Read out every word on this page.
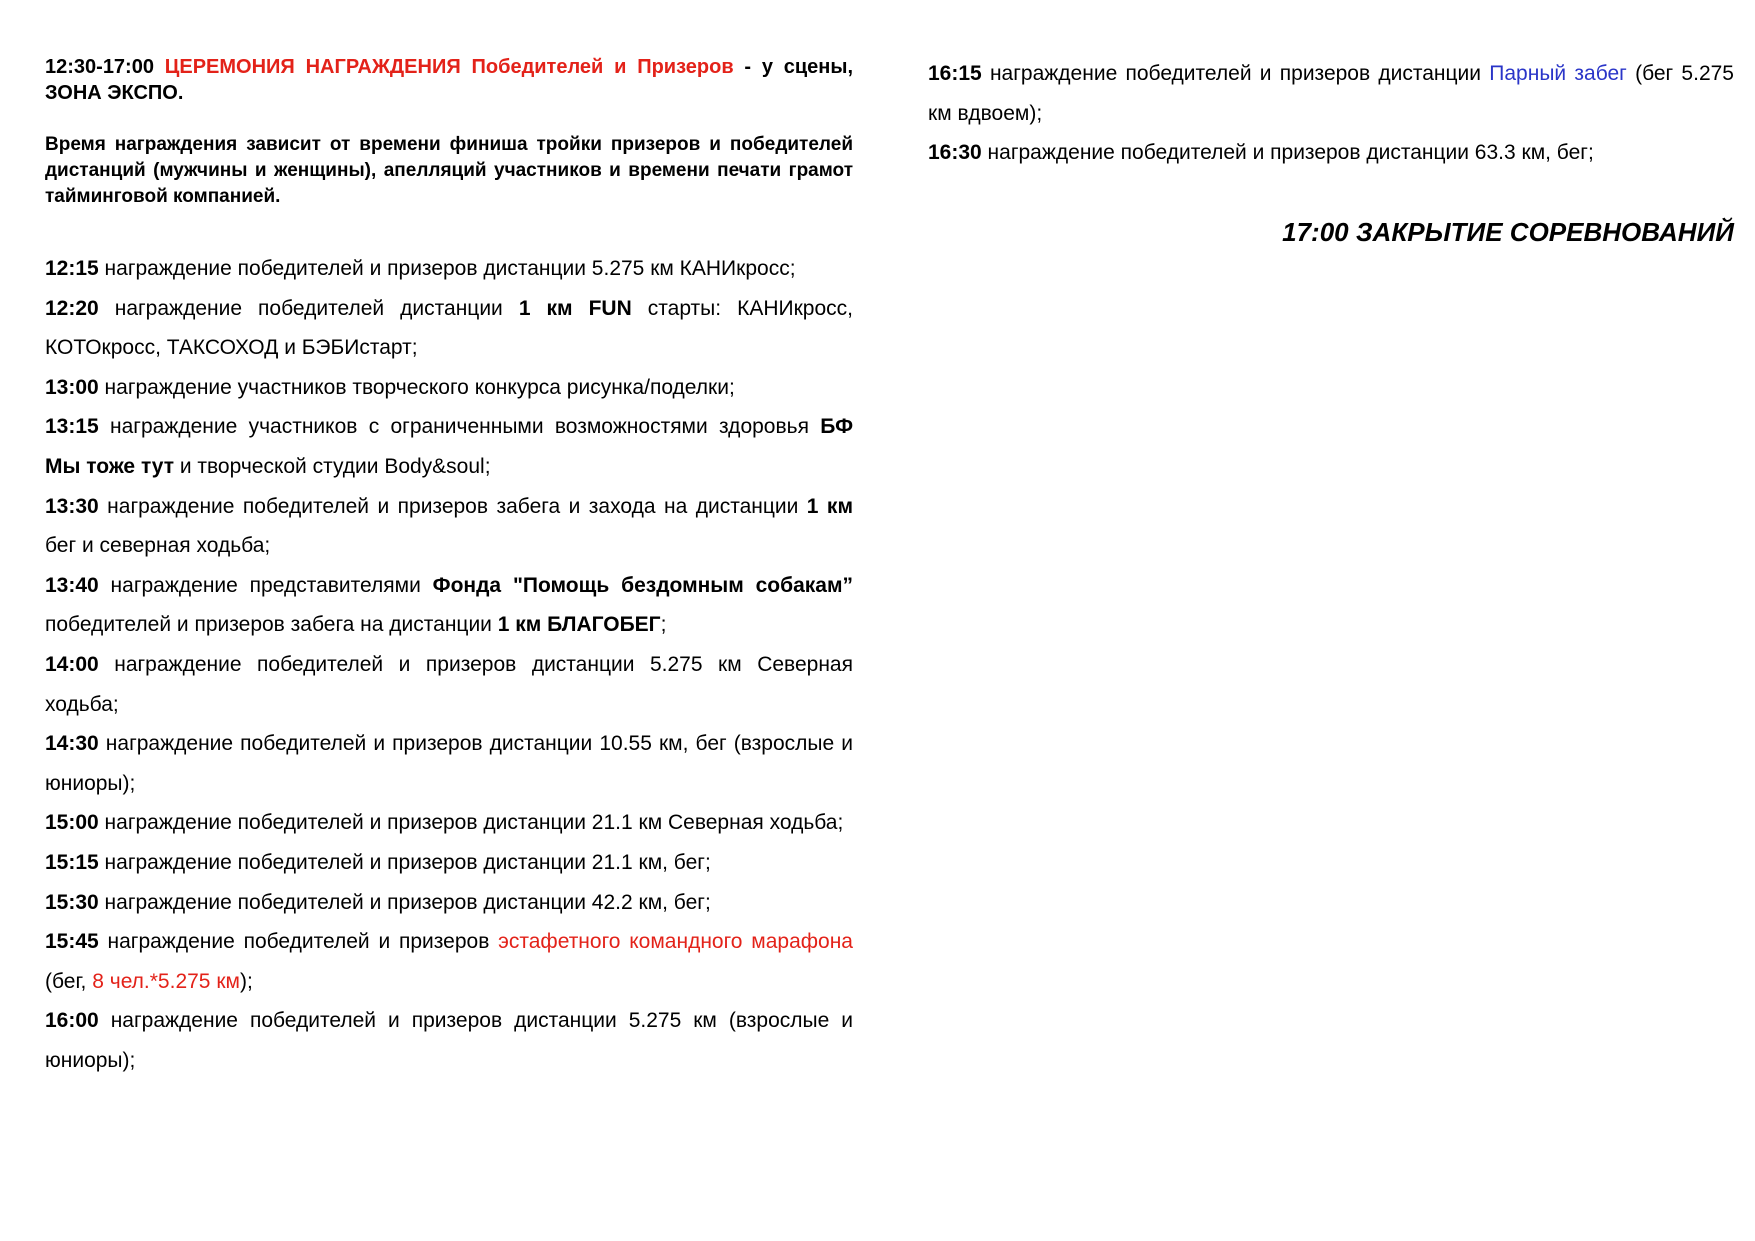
12:30-17:00 ЦЕРЕМОНИЯ НАГРАЖДЕНИЯ Победителей и Призеров - у сцены, ЗОНА ЭКСПО.

Время награждения зависит от времени финиша тройки призеров и победителей дистанций (мужчины и женщины), апелляций участников и времени печати грамот тайминговой компанией.

12:15 награждение победителей и призеров дистанции 5.275 км КАНИкросс;

12:20 награждение победителей дистанции 1 км FUN старты: КАНИкросс, КОТОкросс, ТАКСОХОД и БЭБИстарт;

13:00 награждение участников творческого конкурса рисунка/поделки;

13:15 награждение участников с ограниченными возможностями здоровья БФ Мы тоже тут и творческой студии Body&soul;

13:30 награждение победителей и призеров забега и захода на дистанции 1 км бег и северная ходьба;

13:40 награждение представителями Фонда "Помощь бездомным собакам” победителей и призеров забега на дистанции 1 км БЛАГОБЕГ;

14:00 награждение победителей и призеров дистанции 5.275 км Северная ходьба;

14:30 награждение победителей и призеров дистанции 10.55 км, бег (взрослые и юниоры);

15:00 награждение победителей и призеров дистанции 21.1 км Северная ходьба;

15:15 награждение победителей и призеров дистанции 21.1 км, бег;

15:30 награждение победителей и призеров дистанции 42.2 км, бег;

15:45 награждение победителей и призеров эстафетного командного марафона (бег, 8 чел.*5.275 км);

16:00 награждение победителей и призеров дистанции 5.275 км (взрослые и юниоры);

16:15 награждение победителей и призеров дистанции Парный забег (бег 5.275 км вдвоем);

16:30 награждение победителей и призеров дистанции 63.3 км, бег;

17:00 ЗАКРЫТИЕ СОРЕВНОВАНИЙ
